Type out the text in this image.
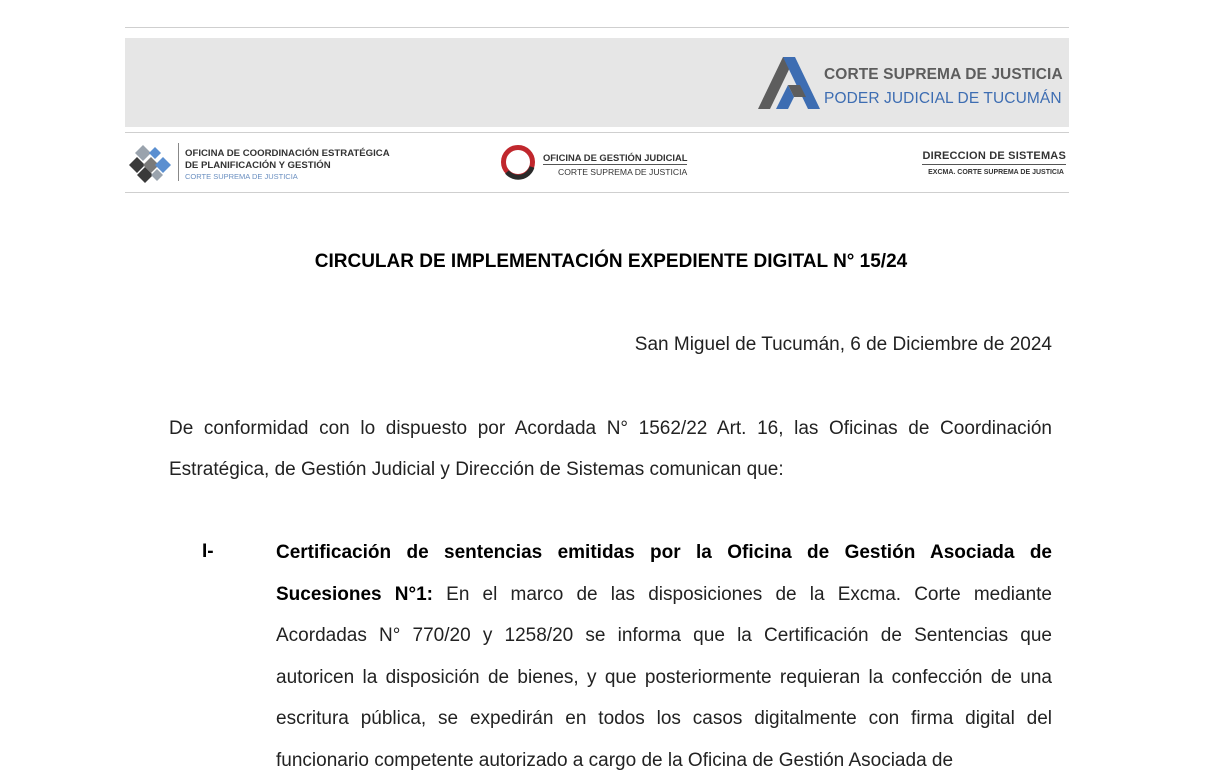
CORTE SUPREMA DE JUSTICIA
PODER JUDICIAL DE TUCUMÁN
OFICINA DE COORDINACIÓN ESTRATÉGICA
DE PLANIFICACIÓN Y GESTIÓN
CORTE SUPREMA DE JUSTICIA
OFICINA DE GESTIÓN JUDICIAL
CORTE SUPREMA DE JUSTICIA
DIRECCION DE SISTEMAS
EXCMA. CORTE SUPREMA DE JUSTICIA
CIRCULAR DE IMPLEMENTACIÓN EXPEDIENTE DIGITAL N° 15/24
San Miguel de Tucumán, 6 de Diciembre de 2024
De conformidad con lo dispuesto por Acordada N° 1562/22 Art. 16, las Oficinas de Coordinación Estratégica, de Gestión Judicial y Dirección de Sistemas comunican que:
I-	Certificación de sentencias emitidas por la Oficina de Gestión Asociada de Sucesiones N°1: En el marco de las disposiciones de la Excma. Corte mediante Acordadas N° 770/20 y 1258/20 se informa que la Certificación de Sentencias que autoricen la disposición de bienes, y que posteriormente requieran la confección de una escritura pública, se expedirán en todos los casos digitalmente con firma digital del funcionario competente autorizado a cargo de la Oficina de Gestión Asociada de
